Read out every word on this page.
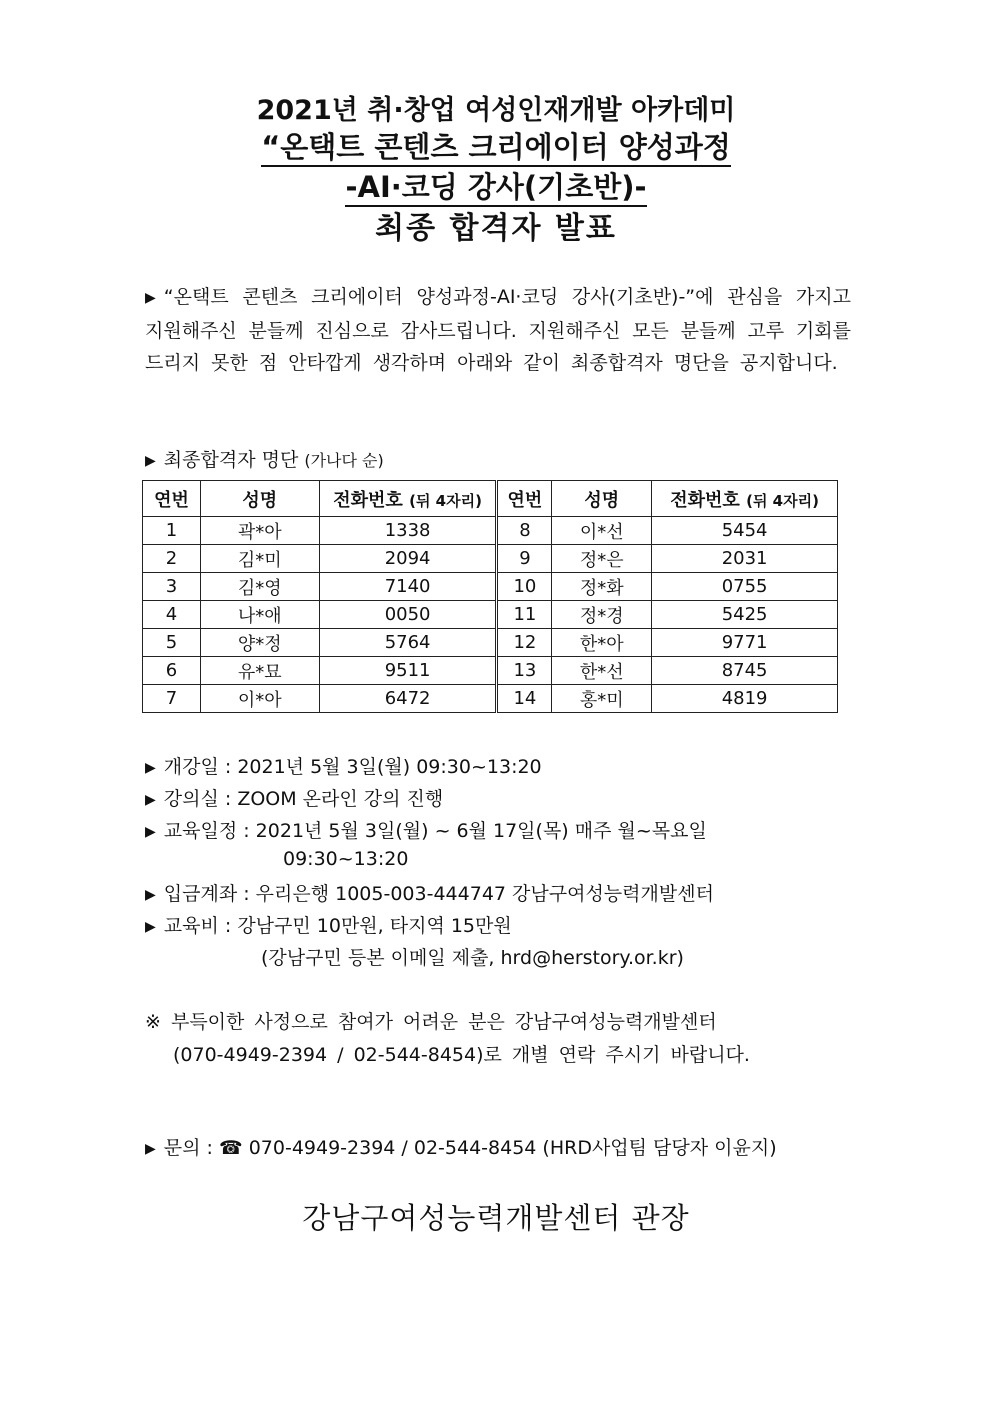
2021년 취·창업 여성인재개발 아카데미
“온택트 콘텐츠 크리에이터 양성과정
-AI·코딩 강사(기초반)-
최종 합격자 발표
▶ “온택트 콘텐츠 크리에이터 양성과정-AI·코딩 강사(기초반)-”에 관심을 가지고 지원해주신 분들께 진심으로 감사드립니다. 지원해주신 모든 분들께 고루 기회를 드리지 못한 점 안타깝게 생각하며 아래와 같이 최종합격자 명단을 공지합니다.
▶ 최종합격자 명단 (가나다 순)
연번	성명	전화번호 (뒤 4자리)	연번	성명	전화번호 (뒤 4자리)
1	곽*아	1338	8	이*선	5454
2	김*미	2094	9	정*은	2031
3	김*영	7140	10	정*화	0755
4	나*애	0050	11	정*경	5425
5	양*정	5764	12	한*아	9771
6	유*묘	9511	13	한*선	8745
7	이*아	6472	14	홍*미	4819
▶ 개강일 : 2021년 5월 3일(월) 09:30~13:20
▶ 강의실 : ZOOM 온라인 강의 진행
▶ 교육일정 : 2021년 5월 3일(월) ~ 6월 17일(목) 매주 월~목요일
09:30~13:20
▶ 입금계좌 : 우리은행 1005-003-444747 강남구여성능력개발센터
▶ 교육비 : 강남구민 10만원, 타지역 15만원
(강남구민 등본 이메일 제출, hrd@herstory.or.kr)
※ 부득이한 사정으로 참여가 어려운 분은 강남구여성능력개발센터
(070-4949-2394 / 02-544-8454)로 개별 연락 주시기 바랍니다.
▶ 문의 : ☎ 070-4949-2394 / 02-544-8454 (HRD사업팀 담당자 이윤지)
강남구여성능력개발센터 관장
